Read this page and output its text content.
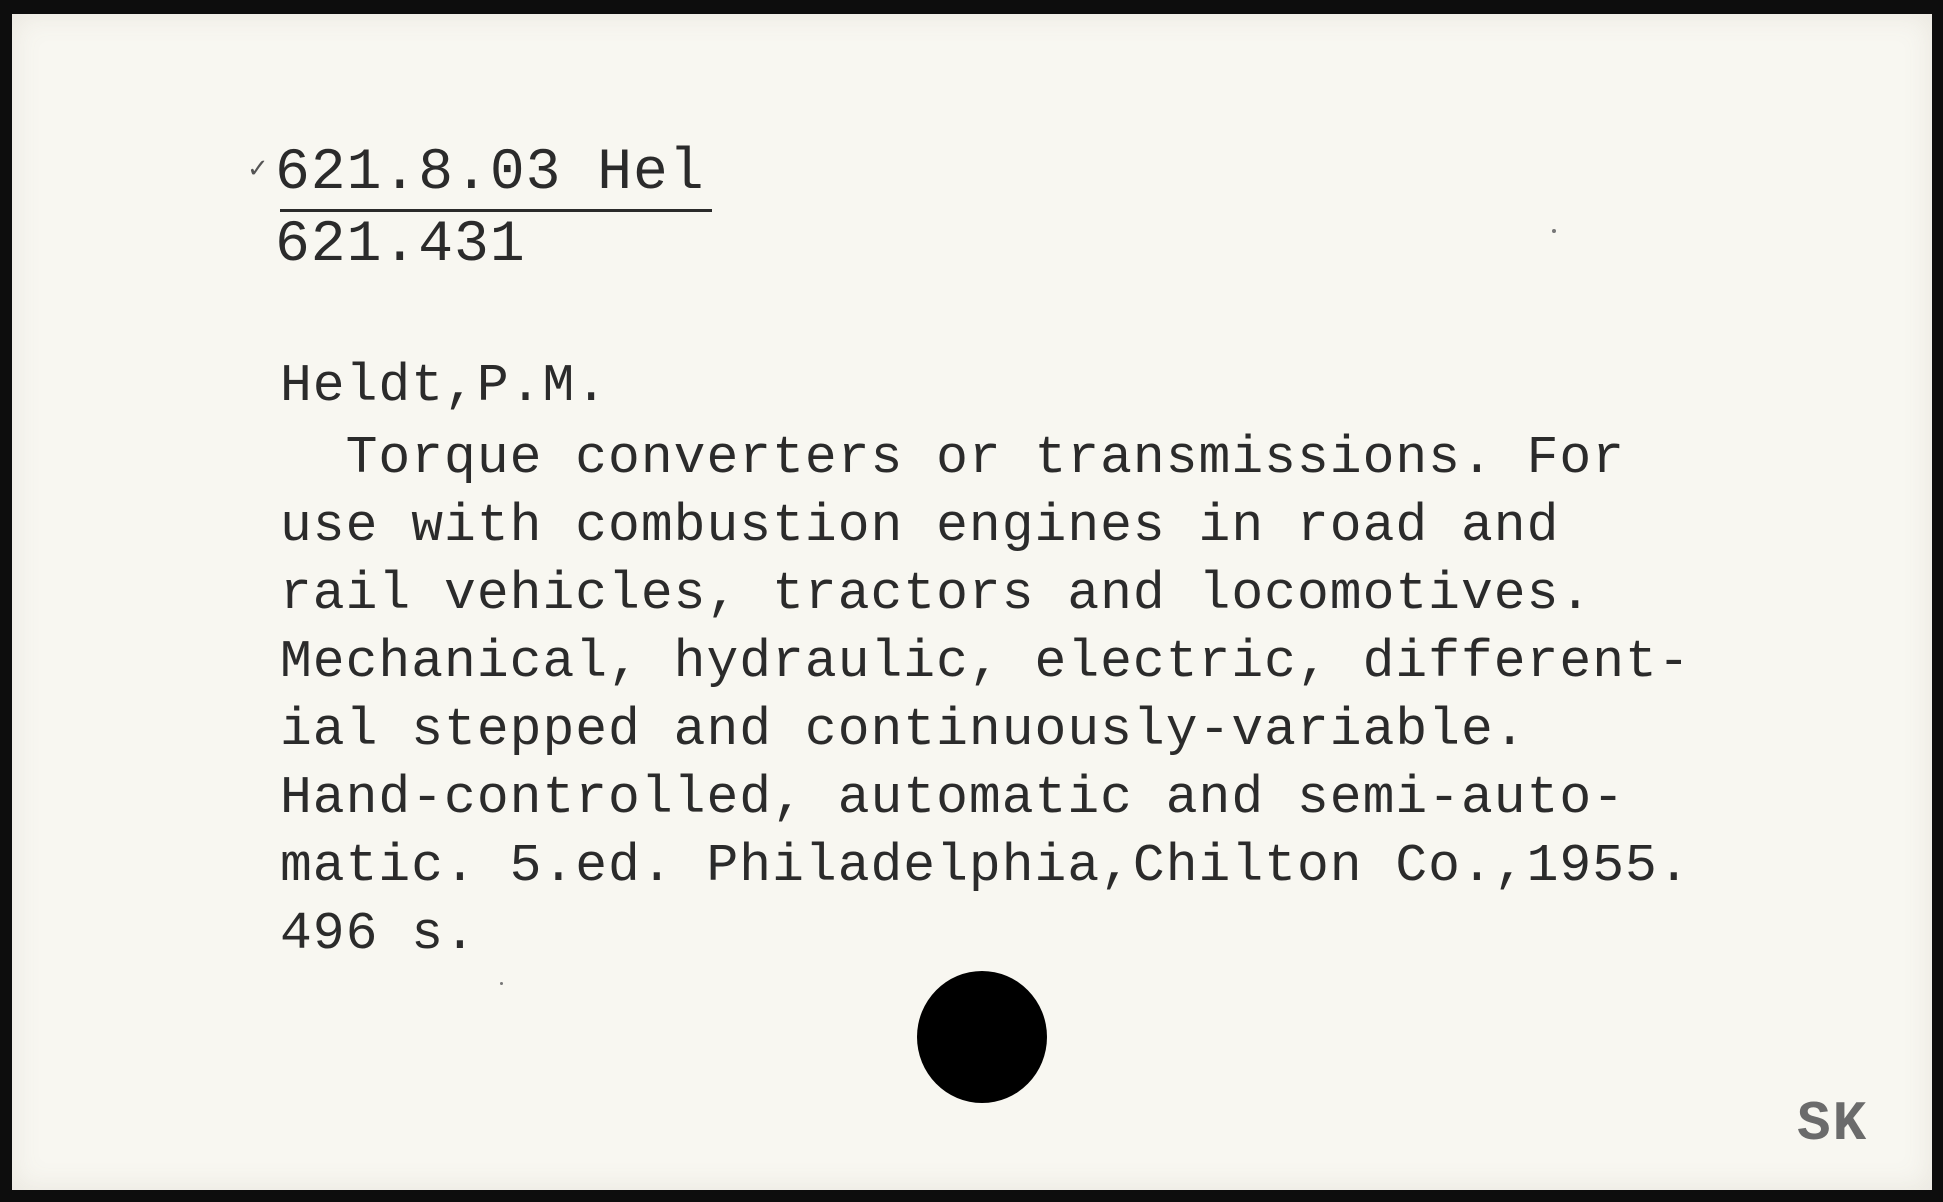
✓ 621.8.03 Hel
621.431
Heldt,P.M.
Torque converters or transmissions. For
use with combustion engines in road and
rail vehicles, tractors and locomotives.
Mechanical, hydraulic, electric, different-
ial stepped and continuously-variable.
Hand-controlled, automatic and semi-auto-
matic. 5.ed. Philadelphia,Chilton Co.,1955.
496 s.
SK
